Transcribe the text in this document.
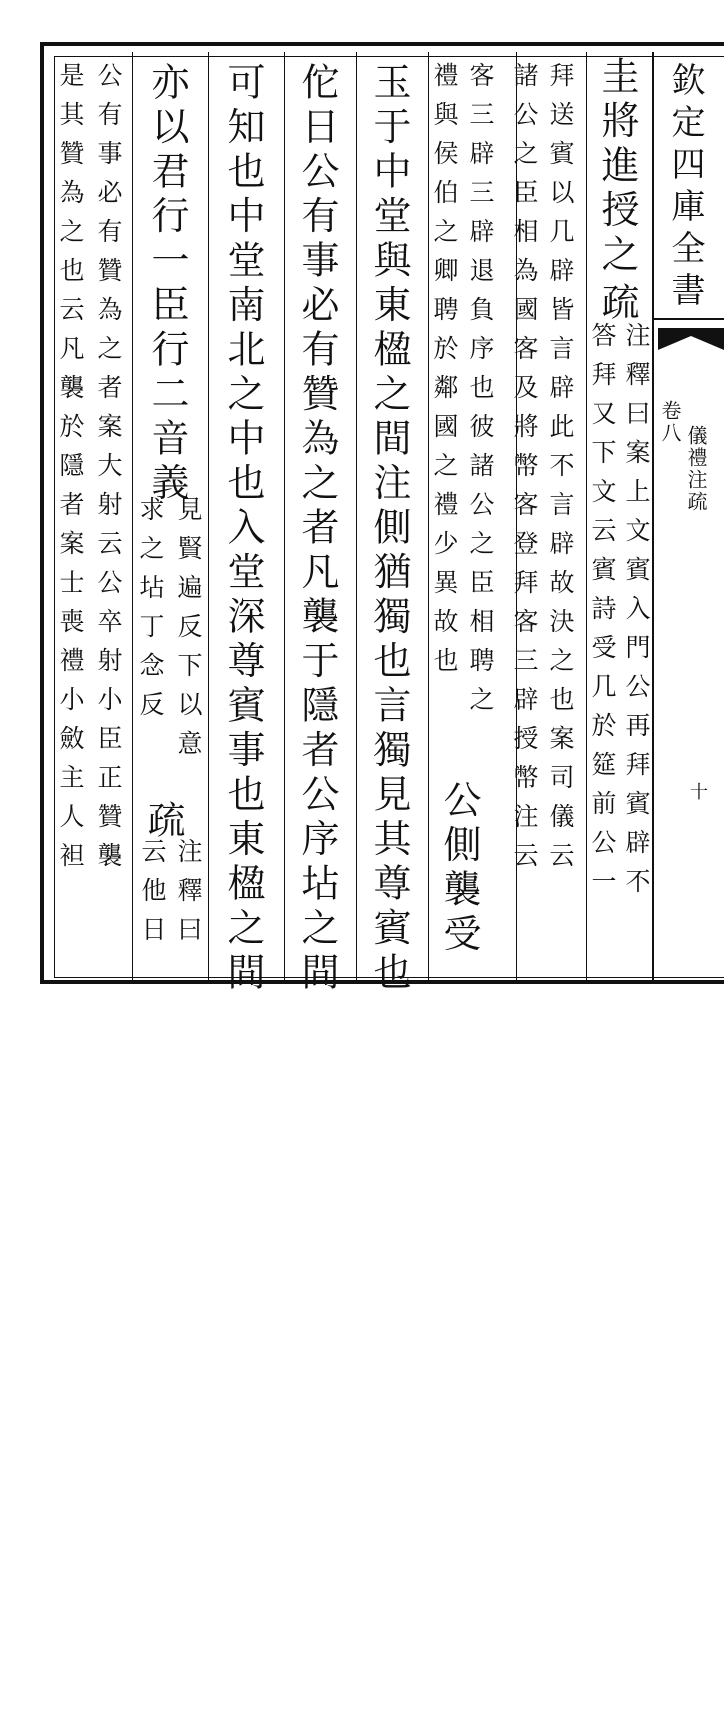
欽定四庫全書
卷八
儀禮注疏
十
圭將進授之
疏
注釋曰案上文賓入門公再拜賓辟不
答拜又下文云賓詩受几於筵前公一
拜送賓以几辟皆言辟此不言辟故決之也案司儀云
諸公之臣相為國客及將幣客登拜客三辟授幣注云
客三辟三辟退負序也彼諸公之臣相聘之
禮與侯伯之卿聘於鄰國之禮少異故也
公側襲受
玉于中堂與東楹之間注側猶獨也言獨見其尊賓也
佗日公有事必有贊為之者凡襲于隱者公序坫之間
可知也中堂南北之中也入堂深尊賓事也東楹之間
亦以君行一臣行二音義
見賢遍反下以意
求之坫丁念反
疏
注釋曰
云他日
公有事必有贊為之者案大射云公卒射小臣正贊襲
是其贊為之也云凡襲於隱者案士喪禮小斂主人袒
